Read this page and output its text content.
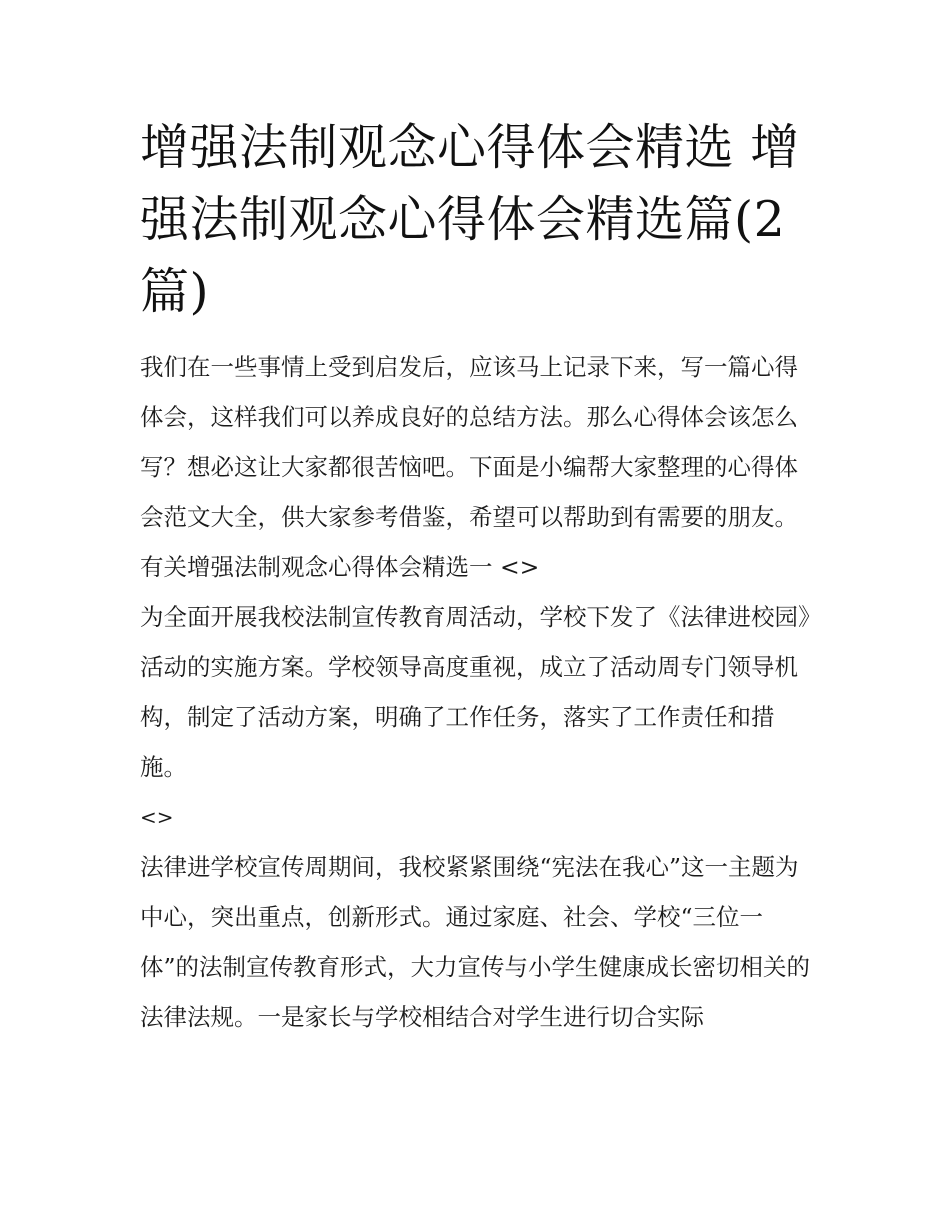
增强法制观念心得体会精选 增强法制观念心得体会精选篇(2篇)

我们在一些事情上受到启发后，应该马上记录下来，写一篇心得体会，这样我们可以养成良好的总结方法。那么心得体会该怎么写？想必这让大家都很苦恼吧。下面是小编帮大家整理的心得体会范文大全，供大家参考借鉴，希望可以帮助到有需要的朋友。

有关增强法制观念心得体会精选一 <>

为全面开展我校法制宣传教育周活动，学校下发了《法律进校园》活动的实施方案。学校领导高度重视，成立了活动周专门领导机构，制定了活动方案，明确了工作任务，落实了工作责任和措施。

<>

法律进学校宣传周期间，我校紧紧围绕“宪法在我心”这一主题为中心，突出重点，创新形式。通过家庭、社会、学校“三位一体”的法制宣传教育形式，大力宣传与小学生健康成长密切相关的法律法规。一是家长与学校相结合对学生进行切合实际
